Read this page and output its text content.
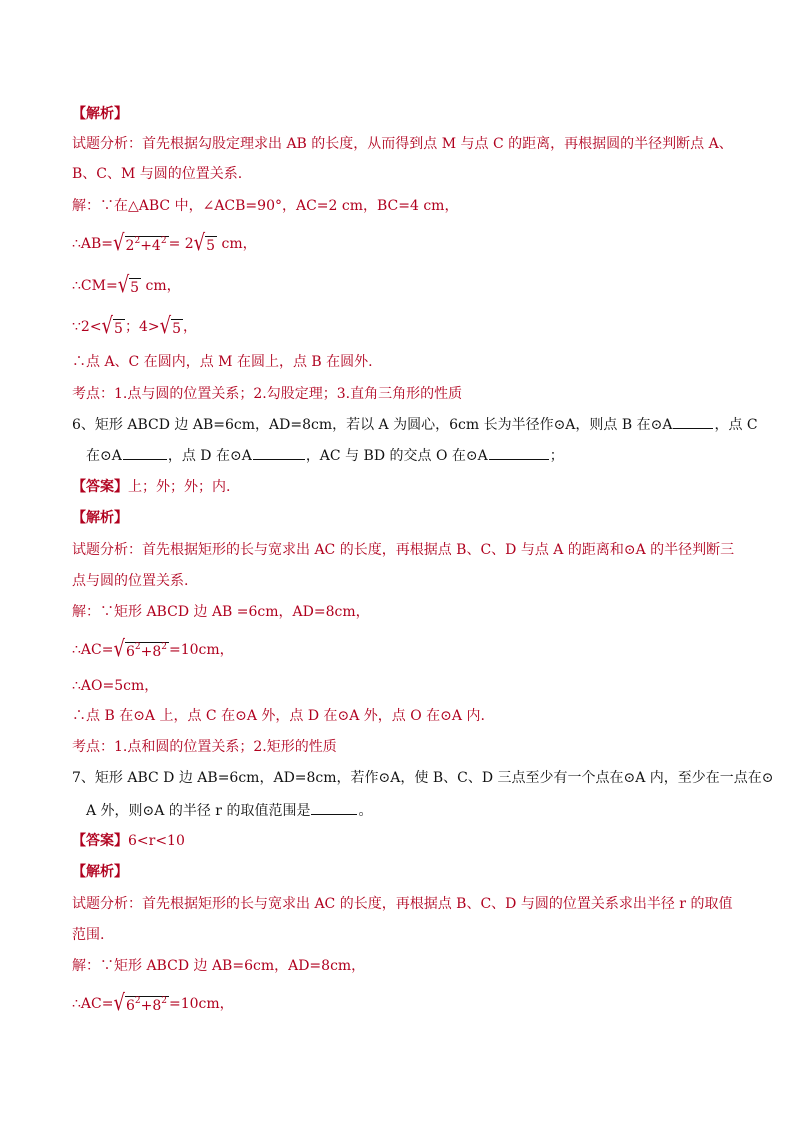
【解析】
试题分析：首先根据勾股定理求出 AB 的长度，从而得到点 M 与点 C 的距离，再根据圆的半径判断点 A、
B、C、M 与圆的位置关系.
解：∵在△ABC 中，∠ACB=90°，AC=2 cm，BC=4 cm，
∴AB= √ $2^2+4^2 = 2$ √ 5 cm，
∴CM= √ 5 cm，
∵2< √ 5 ；4> √ 5 ，
∴点 A、C 在圆内，点 M 在圆上，点 B 在圆外.
考点：1.点与圆的位置关系；2.勾股定理；3.直角三角形的性质
6、矩形 ABCD 边 AB=6cm，AD=8cm，若以 A 为圆心，6cm 长为半径作⊙A，则点 B 在⊙A	，点 C
在⊙A	，点 D 在⊙A	，AC 与 BD 的交点 O 在⊙A	；
【答案】上；外；外；内.
【解析】
试题分析：首先根据矩形的长与宽求出 AC 的长度，再根据点 B、C、D 与点 A 的距离和⊙A 的半径判断三
点与圆的位置关系.
解：∵矩形 ABCD 边 AB =6cm，AD=8cm，
∴AC= √ $6^2+8^2 =10cm$，
∴AO=5cm，
∴点 B 在⊙A 上，点 C 在⊙A 外，点 D 在⊙A 外，点 O 在⊙A 内.
考点：1.点和圆的位置关系；2.矩形的性质
7、矩形 ABC D 边 AB=6cm，AD=8cm，若作⊙A，使 B、C、D 三点至少有一个点在⊙A 内，至少在一点在⊙
A 外，则⊙A 的半径 r 的取值范围是	。
【答案】6<r<10
【解析】
试题分析：首先根据矩形的长与宽求出 AC 的长度，再根据点 B、C、D 与圆的位置关系求出半径 r 的取值
范围.
解：∵矩形 ABCD 边 AB=6cm，AD=8cm，
∴AC= √ $6^2+8^2 =10cm$，
